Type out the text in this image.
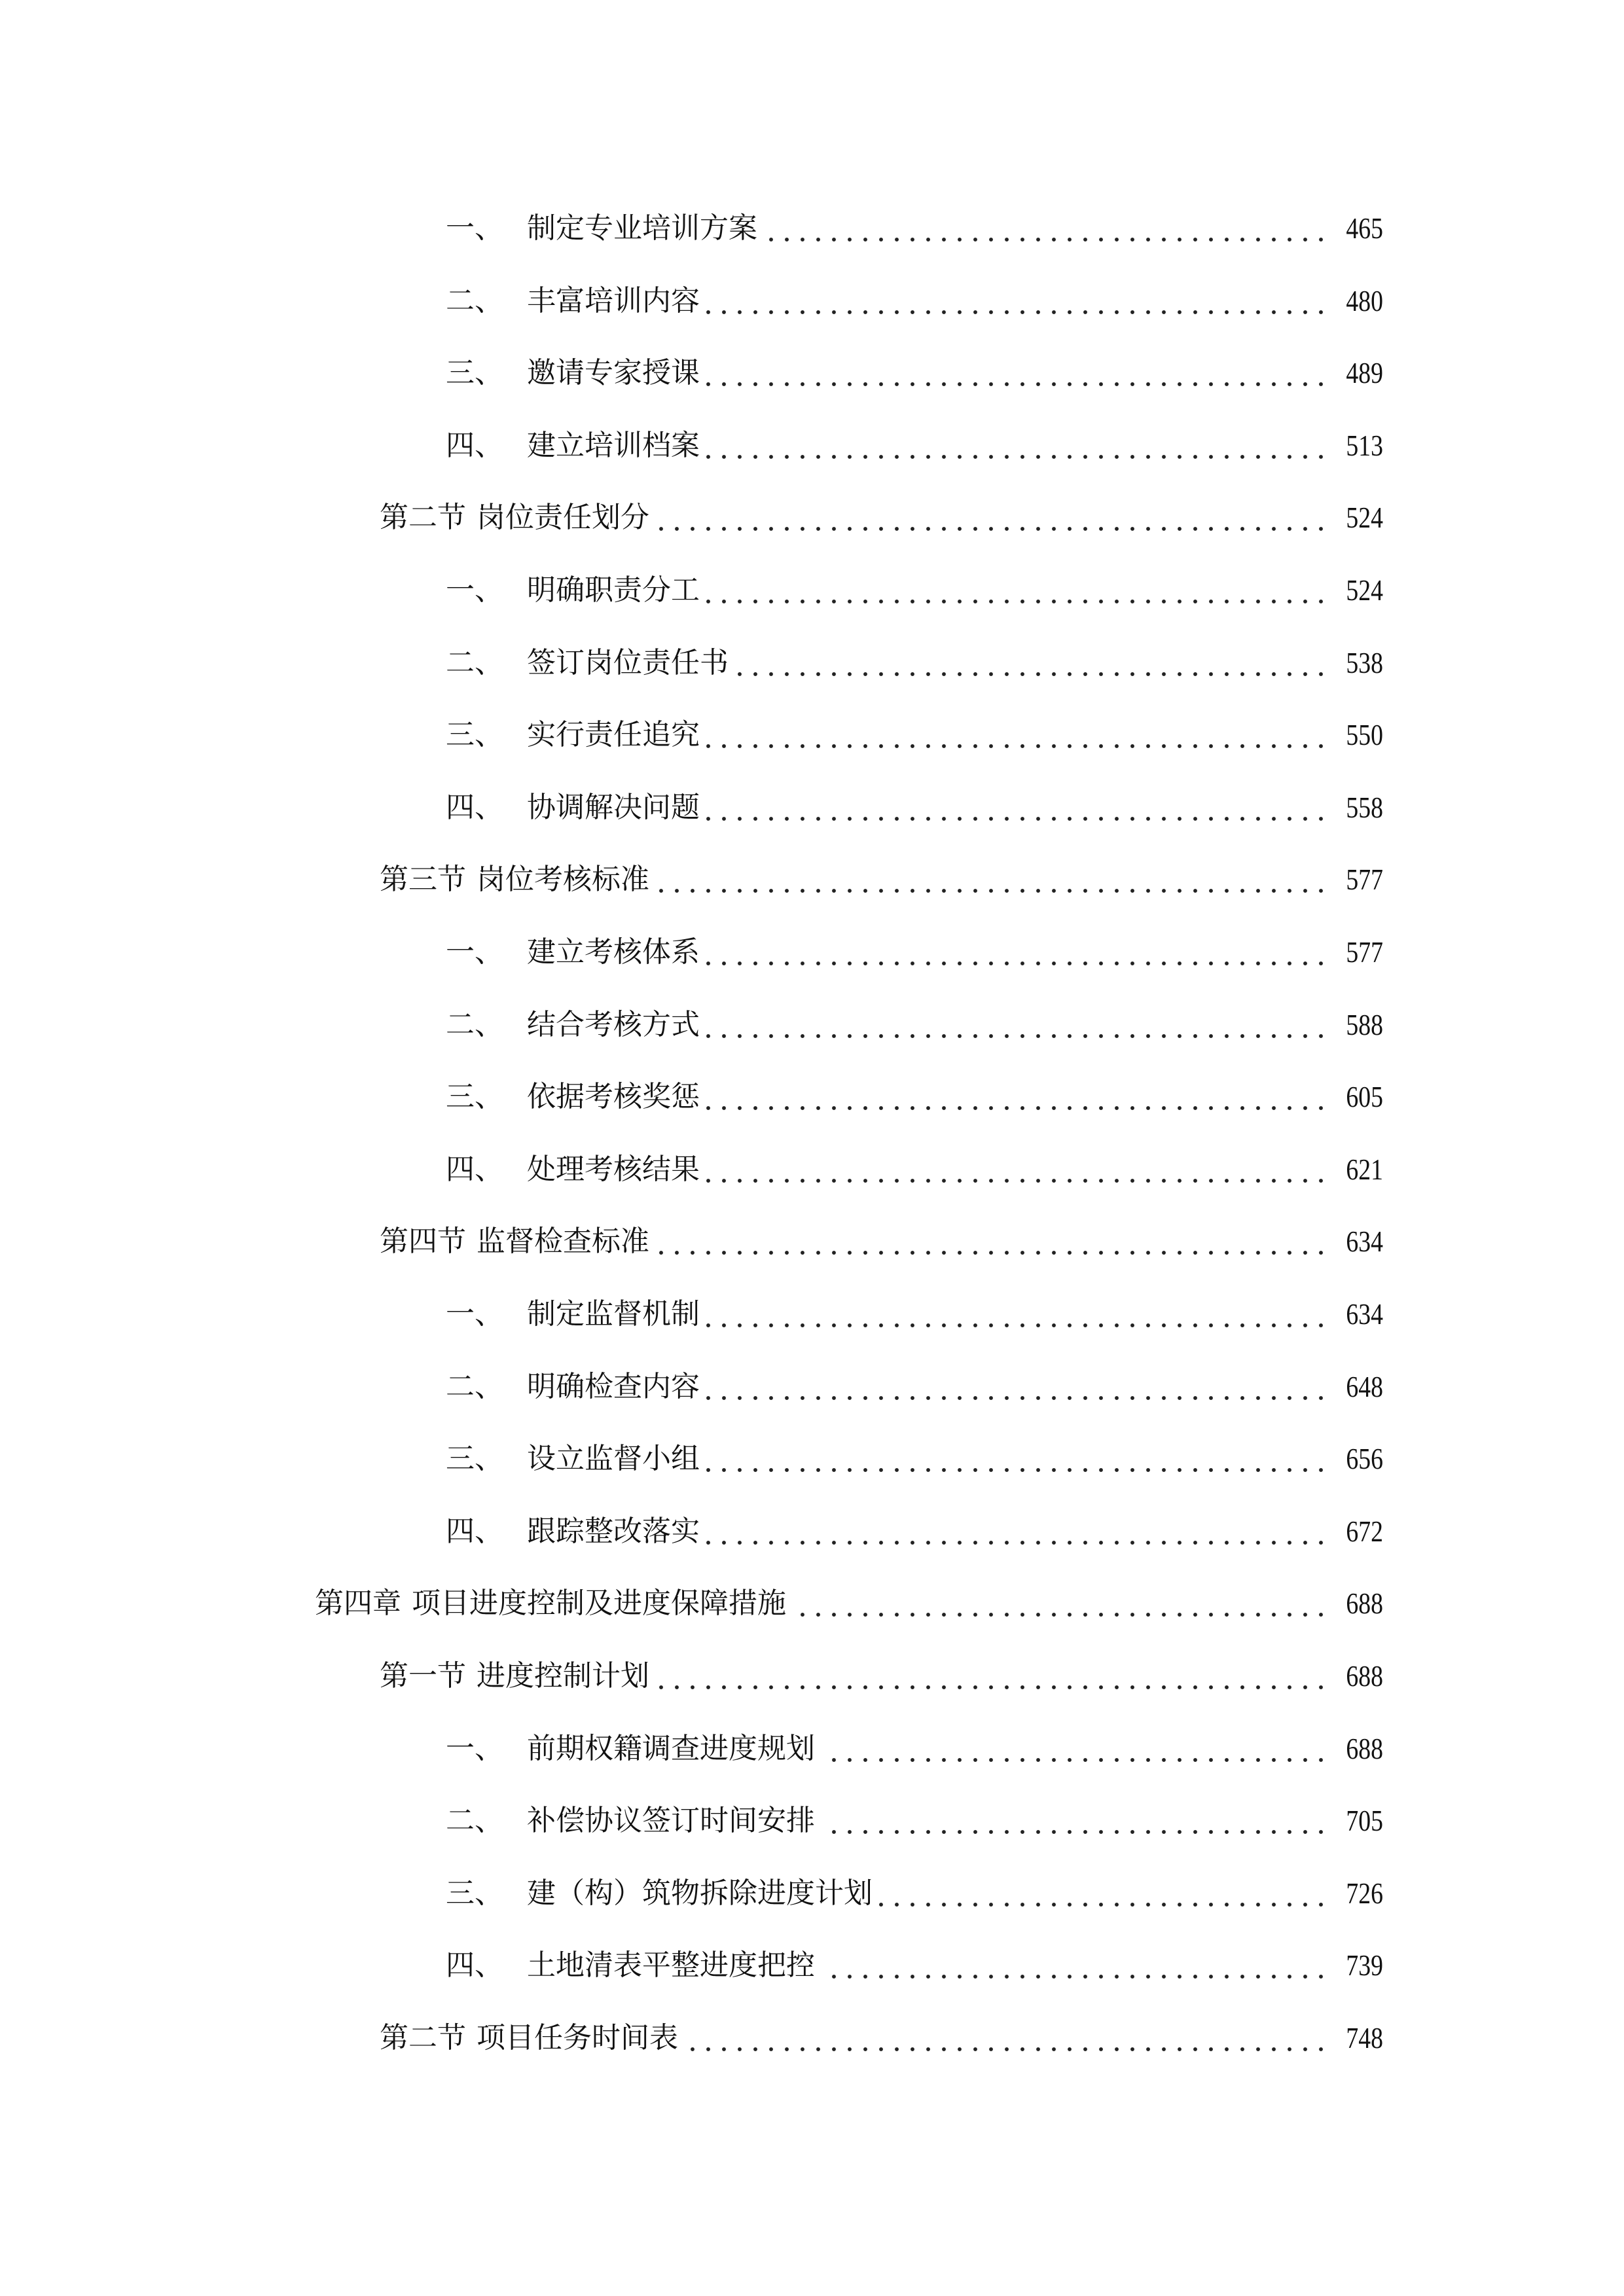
一、 制定专业培训方案	465
二、 丰富培训内容	480
三、 邀请专家授课	489
四、 建立培训档案	513
第二节 岗位责任划分	524
一、 明确职责分工	524
二、 签订岗位责任书	538
三、 实行责任追究	550
四、 协调解决问题	558
第三节 岗位考核标准	577
一、 建立考核体系	577
二、 结合考核方式	588
三、 依据考核奖惩	605
四、 处理考核结果	621
第四节 监督检查标准	634
一、 制定监督机制	634
二、 明确检查内容	648
三、 设立监督小组	656
四、 跟踪整改落实	672
第四章 项目进度控制及进度保障措施	688
第一节 进度控制计划	688
一、 前期权籍调查进度规划	688
二、 补偿协议签订时间安排	705
三、 建（构）筑物拆除进度计划	726
四、 土地清表平整进度把控	739
第二节 项目任务时间表	748
